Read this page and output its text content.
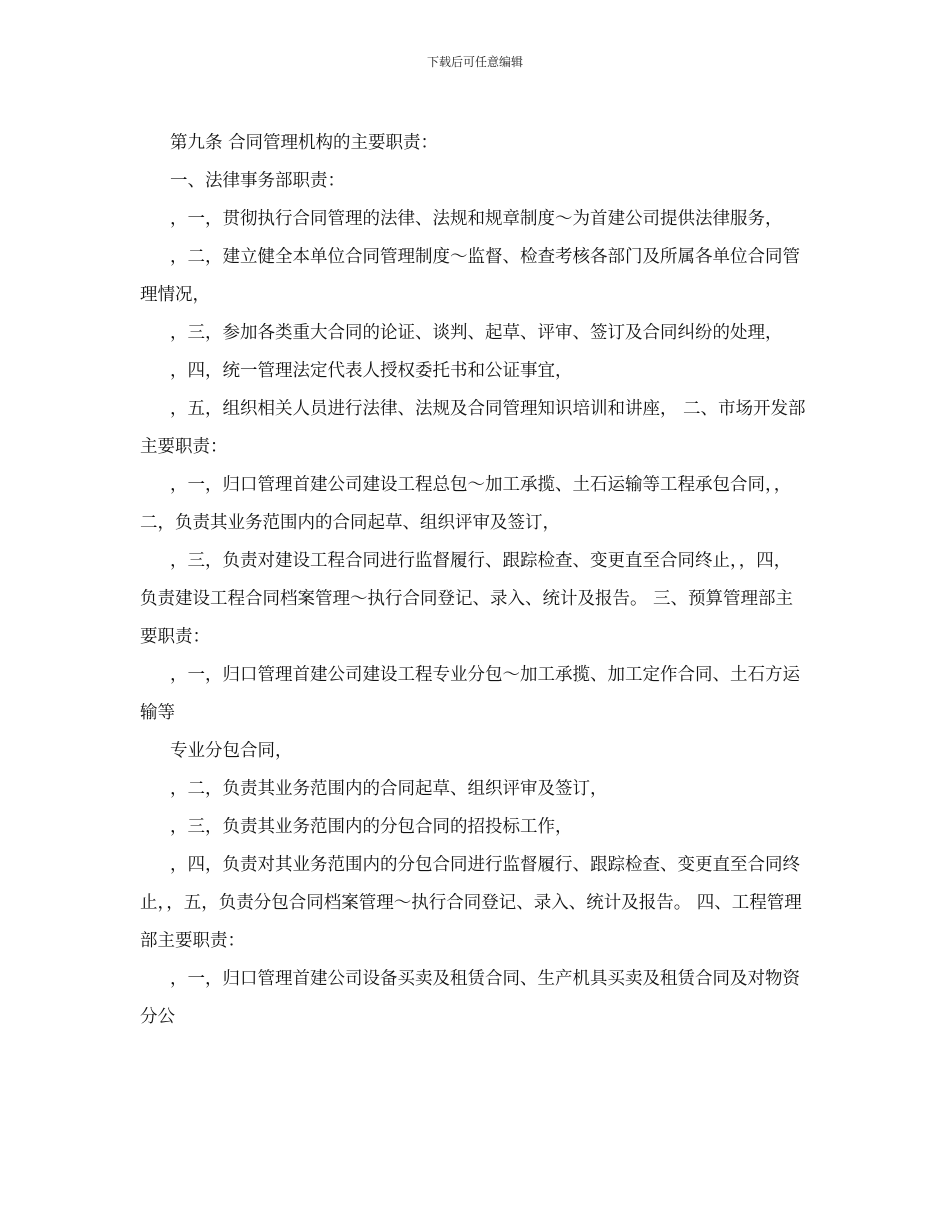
下载后可任意编辑

第九条 合同管理机构的主要职责：

一、法律事务部职责：

，一，贯彻执行合同管理的法律、法规和规章制度～为首建公司提供法律服务，

，二，建立健全本单位合同管理制度～监督、检查考核各部门及所属各单位合同管理情况，

，三，参加各类重大合同的论证、谈判、起草、评审、签订及合同纠纷的处理，

，四，统一管理法定代表人授权委托书和公证事宜，

，五，组织相关人员进行法律、法规及合同管理知识培训和讲座， 二、市场开发部主要职责：

，一，归口管理首建公司建设工程总包～加工承揽、土石运输等工程承包合同，，二，负责其业务范围内的合同起草、组织评审及签订，

，三，负责对建设工程合同进行监督履行、跟踪检查、变更直至合同终止，，四，负责建设工程合同档案管理～执行合同登记、录入、统计及报告。 三、预算管理部主要职责：

，一，归口管理首建公司建设工程专业分包～加工承揽、加工定作合同、土石方运输等

专业分包合同，

，二，负责其业务范围内的合同起草、组织评审及签订，

，三，负责其业务范围内的分包合同的招投标工作，

，四，负责对其业务范围内的分包合同进行监督履行、跟踪检查、变更直至合同终止，，五，负责分包合同档案管理～执行合同登记、录入、统计及报告。 四、工程管理部主要职责：

，一，归口管理首建公司设备买卖及租赁合同、生产机具买卖及租赁合同及对物资分公
